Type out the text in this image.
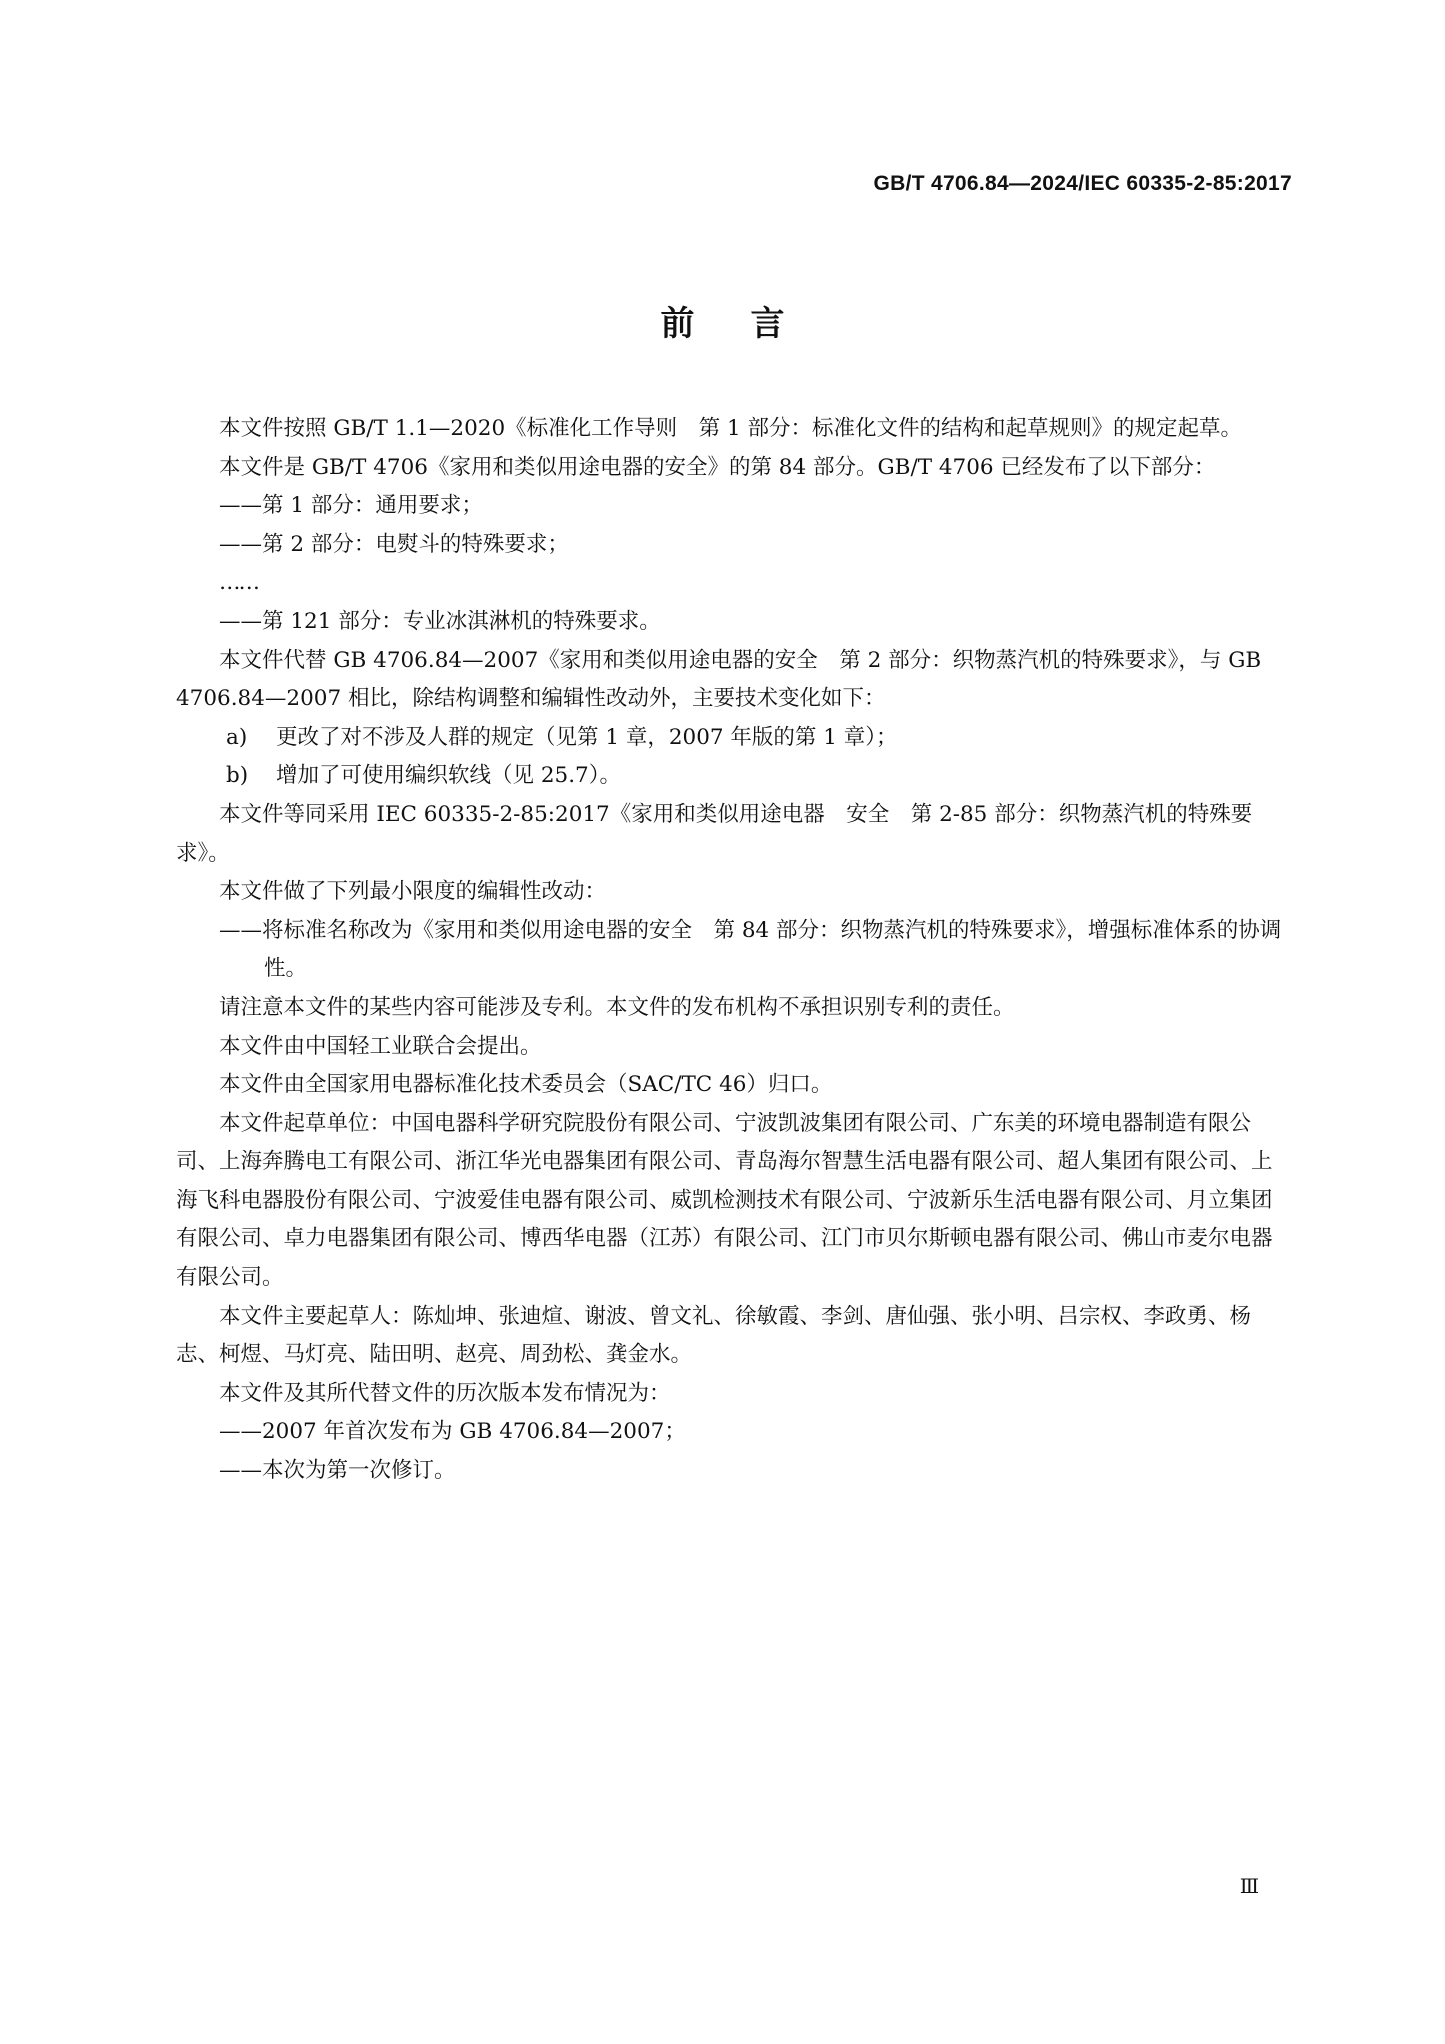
GB/T 4706.84—2024/IEC 60335-2-85:2017
前言

本文件按照 GB/T 1.1—2020《标准化工作导则　第 1 部分：标准化文件的结构和起草规则》的规定起草。

本文件是 GB/T 4706《家用和类似用途电器的安全》的第 84 部分。GB/T 4706 已经发布了以下部分：

——第 1 部分：通用要求；

——第 2 部分：电熨斗的特殊要求；

……

——第 121 部分：专业冰淇淋机的特殊要求。

本文件代替 GB 4706.84—2007《家用和类似用途电器的安全　第 2 部分：织物蒸汽机的特殊要求》，与 GB 4706.84—2007 相比，除结构调整和编辑性改动外，主要技术变化如下：

a) 更改了对不涉及人群的规定（见第 1 章，2007 年版的第 1 章）；

b) 增加了可使用编织软线（见 25.7）。

本文件等同采用 IEC 60335-2-85:2017《家用和类似用途电器　安全　第 2-85 部分：织物蒸汽机的特殊要求》。

本文件做了下列最小限度的编辑性改动：

——将标准名称改为《家用和类似用途电器的安全　第 84 部分：织物蒸汽机的特殊要求》，增强标准体系的协调性。

请注意本文件的某些内容可能涉及专利。本文件的发布机构不承担识别专利的责任。

本文件由中国轻工业联合会提出。

本文件由全国家用电器标准化技术委员会（SAC/TC 46）归口。

本文件起草单位：中国电器科学研究院股份有限公司、宁波凯波集团有限公司、广东美的环境电器制造有限公司、上海奔腾电工有限公司、浙江华光电器集团有限公司、青岛海尔智慧生活电器有限公司、超人集团有限公司、上海飞科电器股份有限公司、宁波爱佳电器有限公司、威凯检测技术有限公司、宁波新乐生活电器有限公司、月立集团有限公司、卓力电器集团有限公司、博西华电器（江苏）有限公司、江门市贝尔斯顿电器有限公司、佛山市麦尔电器有限公司。

本文件主要起草人：陈灿坤、张迪煊、谢波、曾文礼、徐敏霞、李剑、唐仙强、张小明、吕宗权、李政勇、杨志、柯煜、马灯亮、陆田明、赵亮、周劲松、龚金水。

本文件及其所代替文件的历次版本发布情况为：

——2007 年首次发布为 GB 4706.84—2007；

——本次为第一次修订。

Ⅲ
